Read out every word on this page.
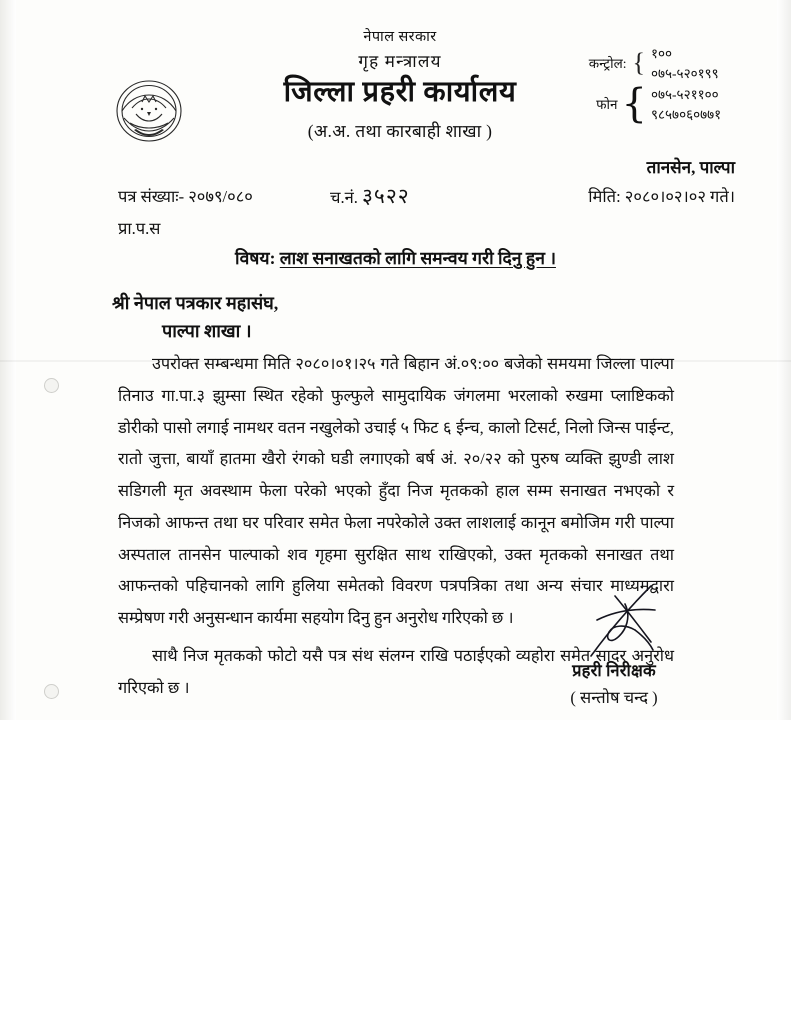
नेपाल सरकार
गृह मन्त्रालय
जिल्ला प्रहरी कार्यालय
(अ.अ. तथा कारबाही शाखा )
कन्ट्रोल: { १००
०७५-५२०१९९
फोन { ०७५-५२११००
९८५७०६०७७१
तानसेन, पाल्पा
पत्र संख्याः- २०७९/०८०	च.नं. ३५२२	मिति: २०८०।०२।०२ गते।
प्रा.प.स
विषय: लाश सनाखतको लागि समन्वय गरी दिनु हुन ।
श्री नेपाल पत्रकार महासंघ,
पाल्पा शाखा ।

उपरोक्त सम्बन्धमा मिति २०८०।०१।२५ गते बिहान अं.०९:०० बजेको समयमा जिल्ला पाल्पा तिनाउ गा.पा.३ झुम्सा स्थित रहेको फुल्फुले सामुदायिक जंगलमा भरलाको रुखमा प्लाष्टिकको डोरीको पासो लगाई नामथर वतन नखुलेको उचाई ५ फिट ६ ईन्च, कालो टिसर्ट, निलो जिन्स पाईन्ट, रातो जुत्ता, बायाँ हातमा खैरो रंगको घडी लगाएको बर्ष अं. २०/२२ को पुरुष व्यक्ति झुण्डी लाश सडिगली मृत अवस्थाम फेला परेको भएको हुँदा निज मृतकको हाल सम्म सनाखत नभएको र निजको आफन्त तथा घर परिवार समेत फेला नपरेकोले उक्त लाशलाई कानून बमोजिम गरी पाल्पा अस्पताल तानसेन पाल्पाको शव गृहमा सुरक्षित साथ राखिएको, उक्त मृतकको सनाखत तथा आफन्तको पहिचानको लागि हुलिया समेतको विवरण पत्रपत्रिका तथा अन्य संचार माध्यमद्वारा सम्प्रेषण गरी अनुसन्धान कार्यमा सहयोग दिनु हुन अनुरोध गरिएको छ ।

साथै निज मृतकको फोटो यसै पत्र संथ संलग्न राखि पठाईएको व्यहोरा समेत सादर अनुरोध गरिएको छ ।

प्रहरी निरीक्षक
( सन्तोष चन्द )
